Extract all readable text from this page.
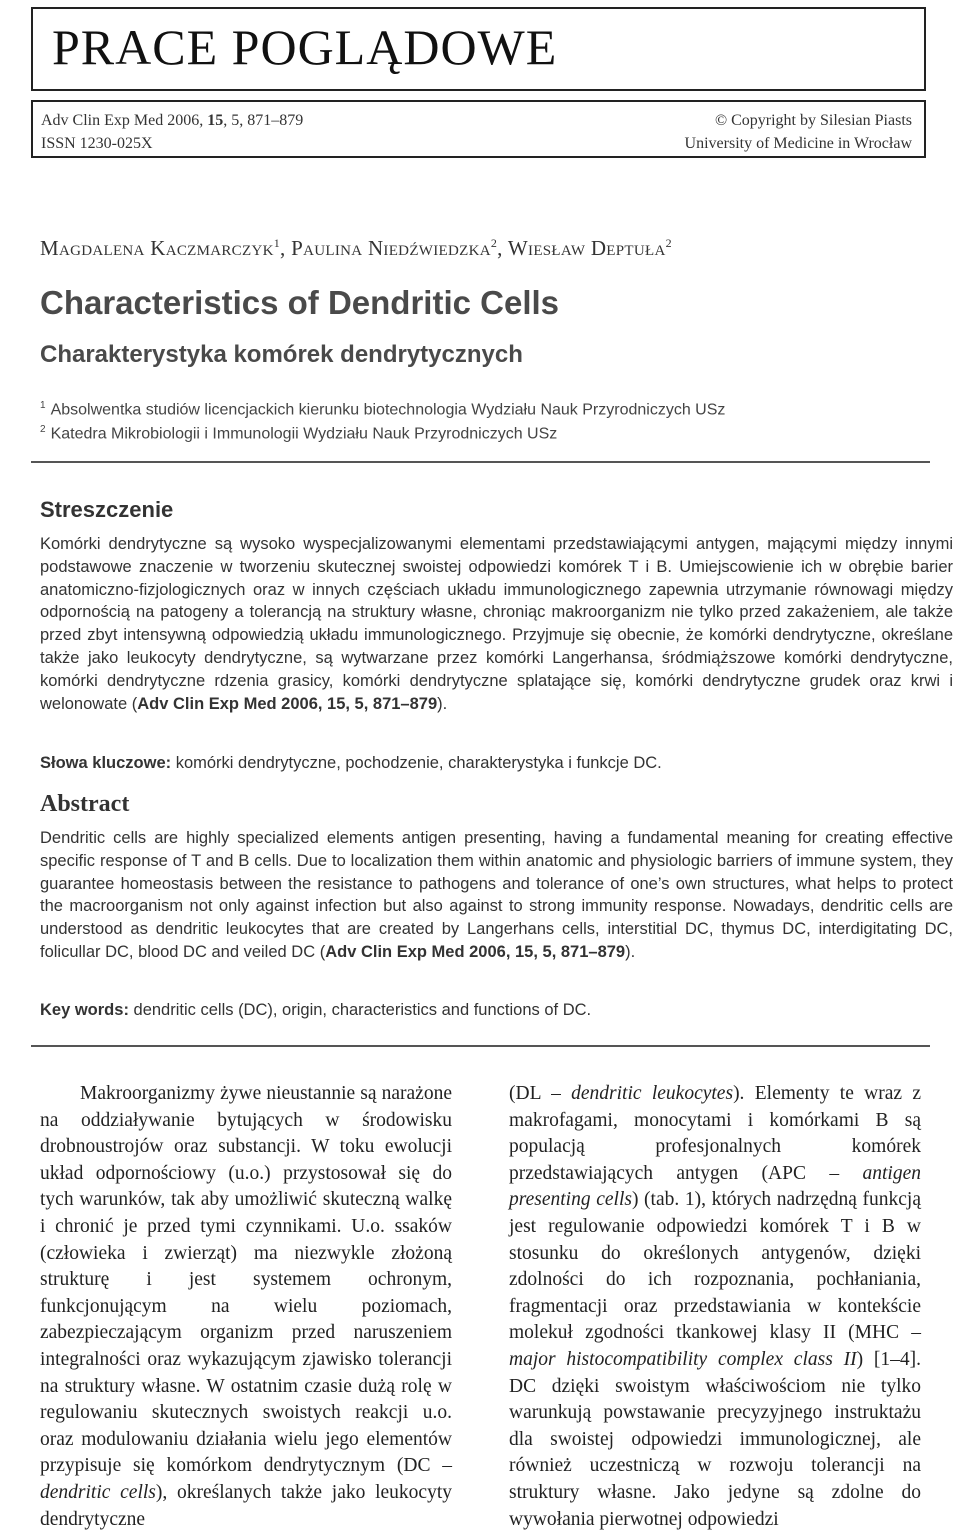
PRACE POGLĄDOWE
Adv Clin Exp Med 2006, 15, 5, 871–879
ISSN 1230-025X
© Copyright by Silesian Piasts
University of Medicine in Wrocław
Magdalena Kaczmarczyk$^1$, Paulina Niedźwiedzka$^2$, Wiesław Deptuła$^2$
Characteristics of Dendritic Cells
Charakterystyka komórek dendrytycznych
$^1$ Absolwentka studiów licencjackich kierunku biotechnologia Wydziału Nauk Przyrodniczych USz
$^2$ Katedra Mikrobiologii i Immunologii Wydziału Nauk Przyrodniczych USz
Streszczenie
Komórki dendrytyczne są wysoko wyspecjalizowanymi elementami przedstawiającymi antygen, mającymi między innymi podstawowe znaczenie w tworzeniu skutecznej swoistej odpowiedzi komórek T i B. Umiejscowienie ich w obrębie barier anatomiczno-fizjologicznych oraz w innych częściach układu immunologicznego zapewnia utrzymanie równowagi między odpornością na patogeny a tolerancją na struktury własne, chroniąc makroorganizm nie tylko przed zakażeniem, ale także przed zbyt intensywną odpowiedzią układu immunologicznego. Przyjmuje się obecnie, że komórki dendrytyczne, określane także jako leukocyty dendrytyczne, są wytwarzane przez komórki Langerhansa, śródmiąższowe komórki dendrytyczne, komórki dendrytyczne rdzenia grasicy, komórki dendrytyczne splatające się, komórki dendrytyczne grudek oraz krwi i welonowate (Adv Clin Exp Med 2006, 15, 5, 871–879).
Słowa kluczowe: komórki dendrytyczne, pochodzenie, charakterystyka i funkcje DC.
Abstract
Dendritic cells are highly specialized elements antigen presenting, having a fundamental meaning for creating effective specific response of T and B cells. Due to localization them within anatomic and physiologic barriers of immune system, they guarantee homeostasis between the resistance to pathogens and tolerance of one’s own structures, what helps to protect the macroorganism not only against infection but also against to strong immunity response. Nowadays, dendritic cells are understood as dendritic leukocytes that are created by Langerhans cells, interstitial DC, thymus DC, interdigitating DC, folicullar DC, blood DC and veiled DC (Adv Clin Exp Med 2006, 15, 5, 871–879).
Key words: dendritic cells (DC), origin, characteristics and functions of DC.
Makroorganizmy żywe nieustannie są narażone na oddziaływanie bytujących w środowisku drobnoustrojów oraz substancji. W toku ewolucji układ odpornościowy (u.o.) przystosował się do tych warunków, tak aby umożliwić skuteczną walkę i chronić je przed tymi czynnikami. U.o. ssaków (człowieka i zwierząt) ma niezwykle złożoną strukturę i jest systemem ochronym, funkcjonującym na wielu poziomach, zabezpieczającym organizm przed naruszeniem integralności oraz wykazującym zjawisko tolerancji na struktury własne. W ostatnim czasie dużą rolę w regulowaniu skutecznych swoistych reakcji u.o. oraz modulowaniu działania wielu jego elementów przypisuje się komórkom dendrytycznym (DC – dendritic cells), określanych także jako leukocyty dendrytyczne
(DL – dendritic leukocytes). Elementy te wraz z makrofagami, monocytami i komórkami B są populacją profesjonalnych komórek przedstawiających antygen (APC – antigen presenting cells) (tab. 1), których nadrzędną funkcją jest regulowanie odpowiedzi komórek T i B w stosunku do określonych antygenów, dzięki zdolności do ich rozpoznania, pochłaniania, fragmentacji oraz przedstawiania w kontekście molekuł zgodności tkankowej klasy II (MHC – major histocompatibility complex class II) [1–4]. DC dzięki swoistym właściwościom nie tylko warunkują powstawanie precyzyjnego instruktażu dla swoistej odpowiedzi immunologicznej, ale również uczestniczą w rozwoju tolerancji na struktury własne. Jako jedyne są zdolne do wywołania pierwotnej odpowiedzi
